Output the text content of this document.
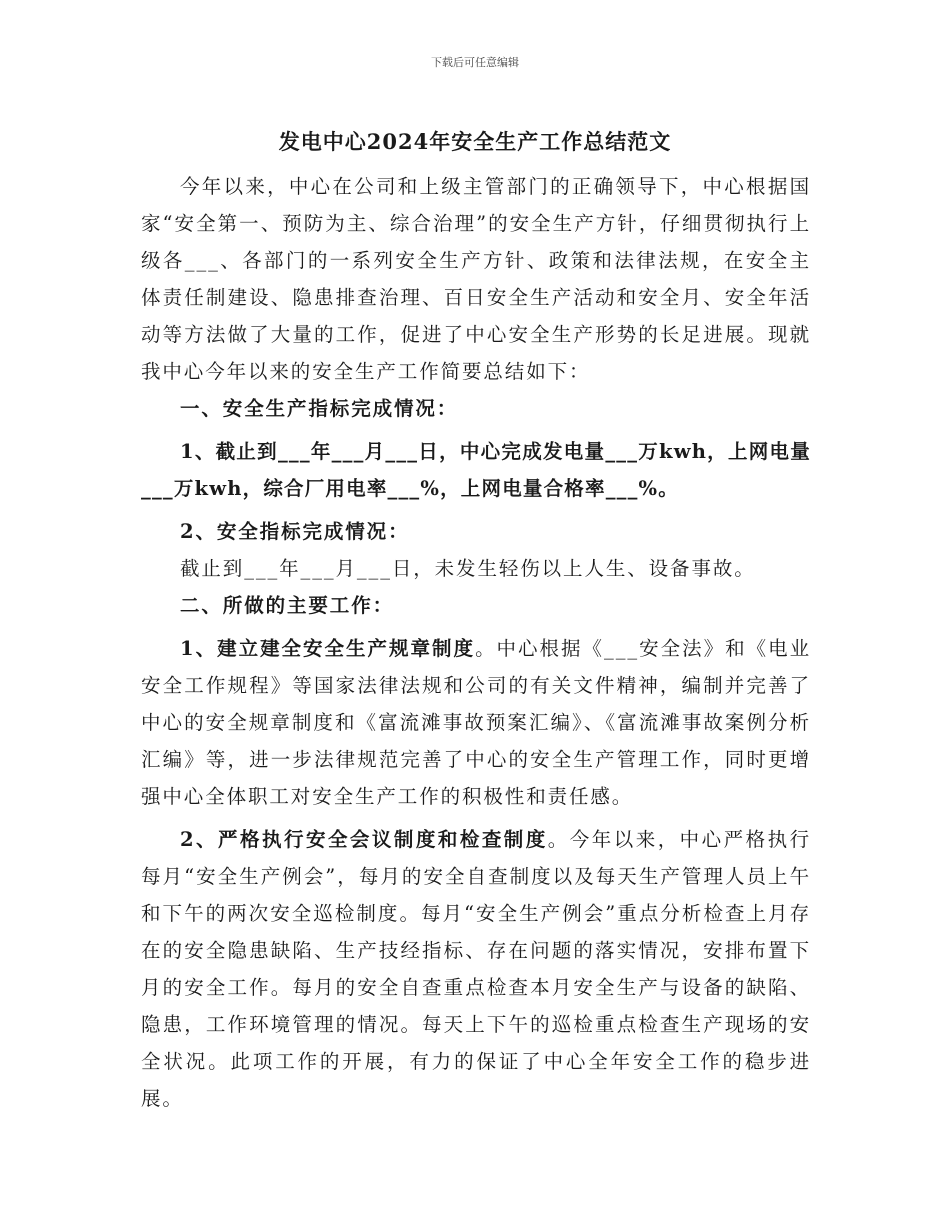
下载后可任意编辑
发电中心2024年安全生产工作总结范文

今年以来，中心在公司和上级主管部门的正确领导下，中心根据国家“安全第一、预防为主、综合治理”的安全生产方针，仔细贯彻执行上级各___、各部门的一系列安全生产方针、政策和法律法规，在安全主体责任制建设、隐患排查治理、百日安全生产活动和安全月、安全年活动等方法做了大量的工作，促进了中心安全生产形势的长足进展。现就我中心今年以来的安全生产工作简要总结如下：

一、安全生产指标完成情况：

1、截止到___年___月___日，中心完成发电量___万kwh，上网电量___万kwh，综合厂用电率___%，上网电量合格率___%。

2、安全指标完成情况：

截止到___年___月___日，未发生轻伤以上人生、设备事故。

二、所做的主要工作：

1、建立建全安全生产规章制度。中心根据《___安全法》和《电业安全工作规程》等国家法律法规和公司的有关文件精神，编制并完善了中心的安全规章制度和《富流滩事故预案汇编》、《富流滩事故案例分析汇编》等，进一步法律规范完善了中心的安全生产管理工作，同时更增强中心全体职工对安全生产工作的积极性和责任感。

2、严格执行安全会议制度和检查制度。今年以来，中心严格执行每月“安全生产例会”，每月的安全自查制度以及每天生产管理人员上午和下午的两次安全巡检制度。每月“安全生产例会”重点分析检查上月存在的安全隐患缺陷、生产技经指标、存在问题的落实情况，安排布置下月的安全工作。每月的安全自查重点检查本月安全生产与设备的缺陷、隐患，工作环境管理的情况。每天上下午的巡检重点检查生产现场的安全状况。此项工作的开展，有力的保证了中心全年安全工作的稳步进展。
